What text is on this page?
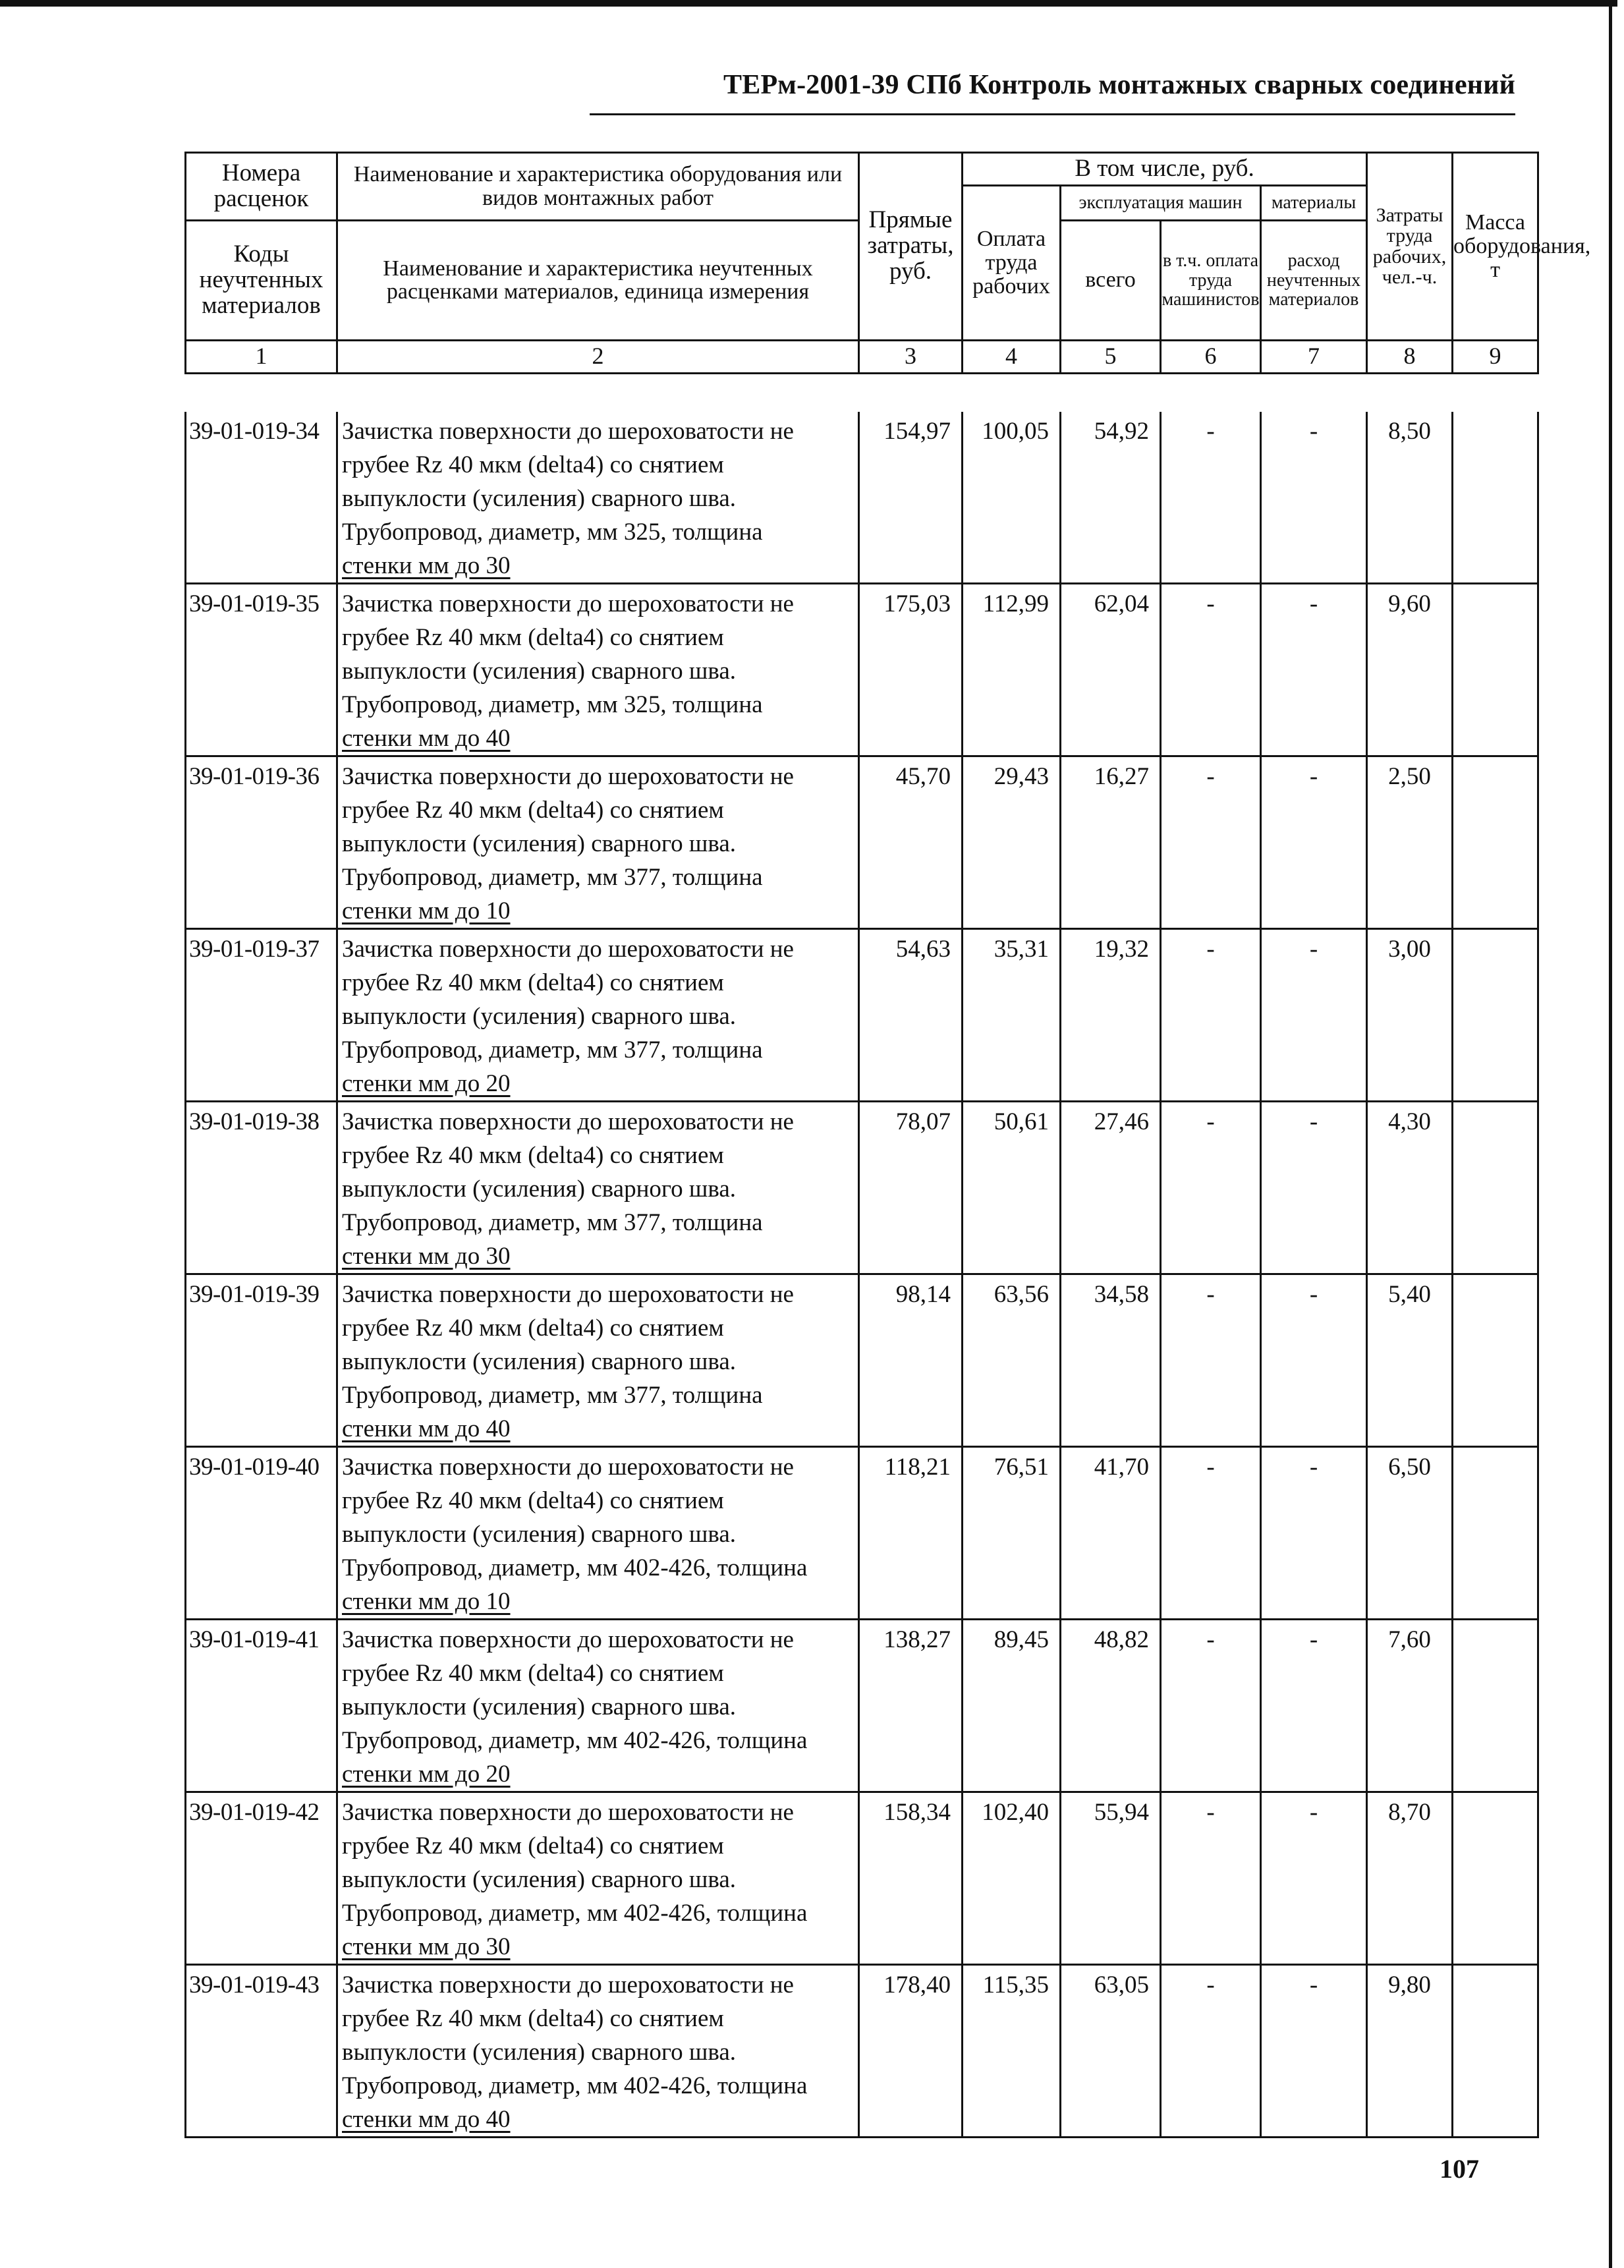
ТЕРм-2001-39 СПб Контроль монтажных сварных соединений
Номера расценок	Наименование и характеристика оборудования или видов монтажных работ	Прямые затраты, руб.	В том числе, руб.				Затраты труда рабочих, чел.-ч.	Масса оборудования, т
			Оплата труда рабочих	эксплуатация машин		материалы		
Коды неучтенных материалов	Наименование и характеристика неучтенных расценками материалов, единица измерения			всего	в т.ч. оплата труда машинистов	расход неучтенных материалов		

1	2	3	4	5	6	7	8	9
39-01-019-34	Зачистка поверхности до шероховатости не
грубее Rz 40 мкм (delta4) со снятием
выпуклости (усиления) сварного шва.
Трубопровод, диаметр, мм 325, толщина
стенки мм до 30	154,97	100,05	54,92	-	-	8,50	
39-01-019-35	Зачистка поверхности до шероховатости не
грубее Rz 40 мкм (delta4) со снятием
выпуклости (усиления) сварного шва.
Трубопровод, диаметр, мм 325, толщина
стенки мм до 40	175,03	112,99	62,04	-	-	9,60	
39-01-019-36	Зачистка поверхности до шероховатости не
грубее Rz 40 мкм (delta4) со снятием
выпуклости (усиления) сварного шва.
Трубопровод, диаметр, мм 377, толщина
стенки мм до 10	45,70	29,43	16,27	-	-	2,50	
39-01-019-37	Зачистка поверхности до шероховатости не
грубее Rz 40 мкм (delta4) со снятием
выпуклости (усиления) сварного шва.
Трубопровод, диаметр, мм 377, толщина
стенки мм до 20	54,63	35,31	19,32	-	-	3,00	
39-01-019-38	Зачистка поверхности до шероховатости не
грубее Rz 40 мкм (delta4) со снятием
выпуклости (усиления) сварного шва.
Трубопровод, диаметр, мм 377, толщина
стенки мм до 30	78,07	50,61	27,46	-	-	4,30	
39-01-019-39	Зачистка поверхности до шероховатости не
грубее Rz 40 мкм (delta4) со снятием
выпуклости (усиления) сварного шва.
Трубопровод, диаметр, мм 377, толщина
стенки мм до 40	98,14	63,56	34,58	-	-	5,40	
39-01-019-40	Зачистка поверхности до шероховатости не
грубее Rz 40 мкм (delta4) со снятием
выпуклости (усиления) сварного шва.
Трубопровод, диаметр, мм 402-426, толщина
стенки мм до 10	118,21	76,51	41,70	-	-	6,50	
39-01-019-41	Зачистка поверхности до шероховатости не
грубее Rz 40 мкм (delta4) со снятием
выпуклости (усиления) сварного шва.
Трубопровод, диаметр, мм 402-426, толщина
стенки мм до 20	138,27	89,45	48,82	-	-	7,60	
39-01-019-42	Зачистка поверхности до шероховатости не
грубее Rz 40 мкм (delta4) со снятием
выпуклости (усиления) сварного шва.
Трубопровод, диаметр, мм 402-426, толщина
стенки мм до 30	158,34	102,40	55,94	-	-	8,70	
39-01-019-43	Зачистка поверхности до шероховатости не
грубее Rz 40 мкм (delta4) со снятием
выпуклости (усиления) сварного шва.
Трубопровод, диаметр, мм 402-426, толщина
стенки мм до 40	178,40	115,35	63,05	-	-	9,80	
107
